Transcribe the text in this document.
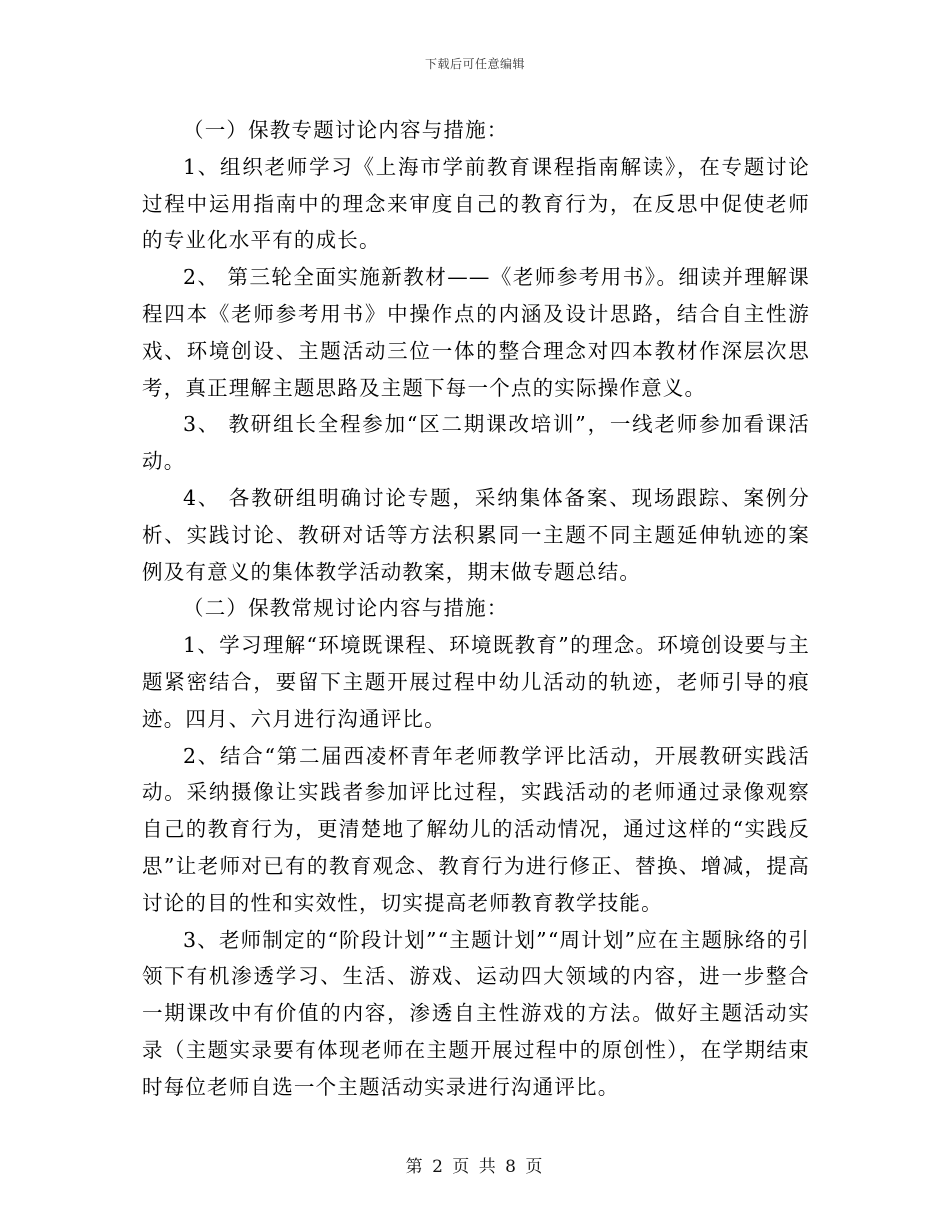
下载后可任意编辑

（一）保教专题讨论内容与措施：

1、组织老师学习《上海市学前教育课程指南解读》，在专题讨论过程中运用指南中的理念来审度自己的教育行为，在反思中促使老师的专业化水平有的成长。

2、 第三轮全面实施新教材——《老师参考用书》。细读并理解课程四本《老师参考用书》中操作点的内涵及设计思路，结合自主性游戏、环境创设、主题活动三位一体的整合理念对四本教材作深层次思考，真正理解主题思路及主题下每一个点的实际操作意义。

3、 教研组长全程参加“区二期课改培训”，一线老师参加看课活动。

4、 各教研组明确讨论专题，采纳集体备案、现场跟踪、案例分析、实践讨论、教研对话等方法积累同一主题不同主题延伸轨迹的案例及有意义的集体教学活动教案，期末做专题总结。

（二）保教常规讨论内容与措施：

1、学习理解“环境既课程、环境既教育”的理念。环境创设要与主题紧密结合，要留下主题开展过程中幼儿活动的轨迹，老师引导的痕迹。四月、六月进行沟通评比。

2、结合“第二届西凌杯青年老师教学评比活动，开展教研实践活动。采纳摄像让实践者参加评比过程，实践活动的老师通过录像观察自己的教育行为，更清楚地了解幼儿的活动情况，通过这样的“实践反思”让老师对已有的教育观念、教育行为进行修正、替换、增减，提高讨论的目的性和实效性，切实提高老师教育教学技能。

3、老师制定的“阶段计划”“主题计划”“周计划”应在主题脉络的引领下有机渗透学习、生活、游戏、运动四大领域的内容，进一步整合一期课改中有价值的内容，渗透自主性游戏的方法。做好主题活动实录（主题实录要有体现老师在主题开展过程中的原创性），在学期结束时每位老师自选一个主题活动实录进行沟通评比。

第 2 页 共 8 页
